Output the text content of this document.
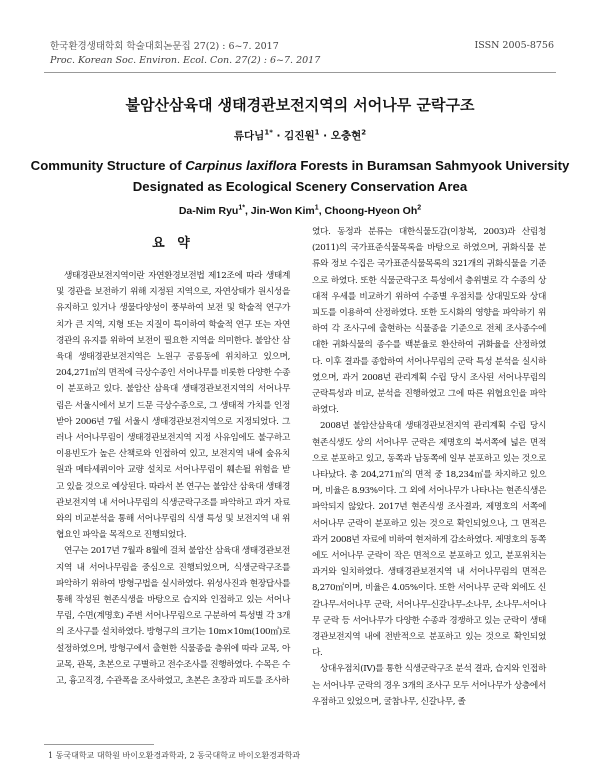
한국환경생태학회 학술대회논문집 27(2) : 6~7. 2017
Proc. Korean Soc. Environ. Ecol. Con. 27(2) : 6~7. 2017
ISSN 2005-8756
불암산삼육대 생태경관보전지역의 서어나무 군락구조
류다님$^{1*}$ · 김진원$^1$ · 오충현$^2$
Community Structure of Carpinus laxiflora Forests in Buramsan Sahmyook University
Designated as Ecological Scenery Conservation Area
Da-Nim Ryu$^{1*}$, Jin-Won Kim$^1$, Choong-Hyeon Oh$^2$
요 약

생태경관보전지역이란 자연환경보전법 제12조에 따라 생태계 및 경관을 보전하기 위해 지정된 지역으로, 자연상태가 원시성을 유지하고 있거나 생물다양성이 풍부하여 보전 및 학술적 연구가치가 큰 지역, 지형 또는 지질이 특이하여 학술적 연구 또는 자연경관의 유지를 위하여 보전이 필요한 지역을 의미한다. 불암산 삼육대 생태경관보전지역은 노원구 공릉동에 위치하고 있으며, 204,271㎡의 면적에 극상수종인 서어나무를 비롯한 다양한 수종이 분포하고 있다. 불암산 삼육대 생태경관보전지역의 서어나무림은 서울시에서 보기 드문 극상수종으로, 그 생태적 가치를 인정받아 2006년 7월 서울시 생태경관보전지역으로 지정되었다. 그러나 서어나무림이 생태경관보전지역 지정 사유임에도 불구하고 이용빈도가 높은 산책로와 인접하여 있고, 보전지역 내에 숲유치원과 메타세쿼이아 교량 설치로 서어나무림이 훼손될 위험을 받고 있을 것으로 예상된다. 따라서 본 연구는 불암산 삼육대 생태경관보전지역 내 서어나무림의 식생군락구조를 파악하고 과거 자료와의 비교분석을 통해 서어나무림의 식생 특성 및 보전지역 내 위협요인 파악을 목적으로 진행되었다.

연구는 2017년 7월과 8월에 걸쳐 불암산 삼육대 생태경관보전지역 내 서어나무림을 중심으로 진행되었으며, 식생군락구조를 파악하기 위하여 방형구법을 실시하였다. 위성사진과 현장답사를 통해 작성된 현존식생을 바탕으로 습지와 인접하고 있는 서어나무림, 수면(계명호) 주변 서어나무림으로 구분하여 특성별 각 3개의 조사구를 설치하였다. 방형구의 크기는 10m×10m(100㎡)로 설정하였으며, 방형구에서 출현한 식물종을 층위에 따라 교목, 아교목, 관목, 초본으로 구별하고 전수조사를 진행하였다. 수목은 수고, 흉고직경, 수관폭을 조사하였고, 초본은 초장과 피도를 조사하

였다. 동정과 분류는 대한식물도감(이창복, 2003)과 산림청(2011)의 국가표준식물목록을 바탕으로 하였으며, 귀화식물 분류와 정보 수집은 국가표준식물목록의 321개의 귀화식물을 기준으로 하였다. 또한 식물군락구조 특성에서 층위별로 각 수종의 상대적 우세를 비교하기 위하여 수종별 우점치를 상대밀도와 상대피도를 이용하여 산정하였다. 또한 도시화의 영향을 파악하기 위하여 각 조사구에 출현하는 식물종을 기준으로 전체 조사종수에 대한 귀화식물의 종수를 백분율로 환산하여 귀화율을 산정하였다. 이후 결과를 종합하여 서어나무림의 군락 특성 분석을 실시하였으며, 과거 2008년 관리계획 수립 당시 조사된 서어나무림의 군락특성과 비교, 분석을 진행하였고 그에 따른 위협요인을 파악하였다.

2008년 불암산삼육대 생태경관보전지역 관리계획 수립 당시 현존식생도 상의 서어나무 군락은 제명호의 북서쪽에 넓은 면적으로 분포하고 있고, 동쪽과 남동쪽에 일부 분포하고 있는 것으로 나타났다. 총 204,271㎡의 면적 중 18,234㎡를 차지하고 있으며, 비율은 8.93%이다. 그 외에 서어나무가 나타나는 현존식생은 파악되지 않았다. 2017년 현존식생 조사결과, 제명호의 서쪽에 서어나무 군락이 분포하고 있는 것으로 확인되었으나, 그 면적은 과거 2008년 자료에 비하여 현저하게 감소하였다. 제명호의 동쪽에도 서어나무 군락이 작은 면적으로 분포하고 있고, 분포위치는 과거와 일치하였다. 생태경관보전지역 내 서어나무림의 면적은 8,270㎡이며, 비율은 4.05%이다. 또한 서어나무 군락 외에도 신갈나무-서어나무 군락, 서어나무-신갈나무-소나무, 소나무-서어나무 군락 등 서어나무가 다양한 수종과 경쟁하고 있는 군락이 생태경관보전지역 내에 전반적으로 분포하고 있는 것으로 확인되었다.

상대우점치(IV)를 통한 식생군락구조 분석 결과, 습지와 인접하는 서어나무 군락의 경우 3개의 조사구 모두 서어나무가 상층에서 우점하고 있었으며, 굴참나무, 신갈나무, 졸

1 동국대학교 대학원 바이오환경과학과, 2 동국대학교 바이오환경과학과
